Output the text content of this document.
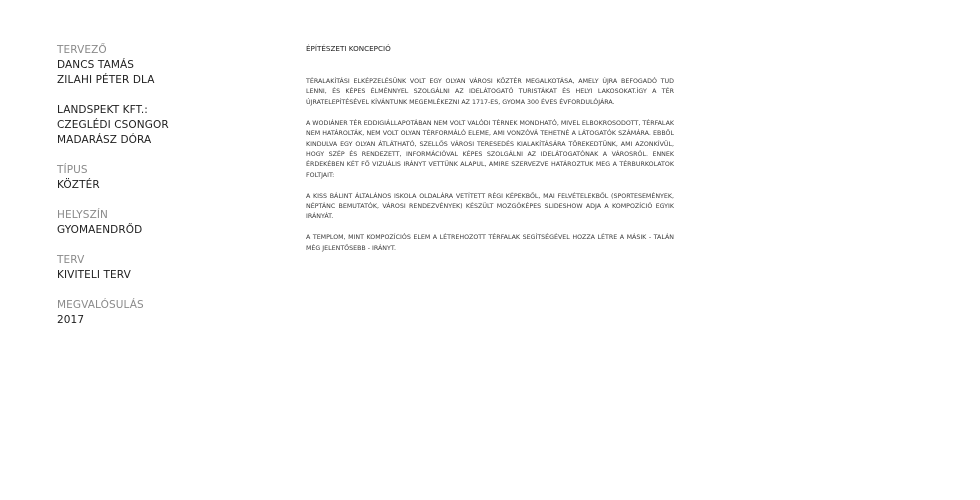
TERVEZŐ
DANCS TAMÁS
ZILAHI PÉTER DLA
LANDSPEKT KFT.:
CZEGLÉDI CSONGOR
MADARÁSZ DÓRA
TÍPUS
KÖZTÉR
HELYSZÍN
GYOMAENDRŐD
TERV
KIVITELI TERV
MEGVALÓSULÁS
2017
ÉPÍTÉSZETI KONCEPCIÓ

TÉRALAKÍTÁSI ELKÉPZELÉSÜNK VOLT EGY OLYAN VÁROSI KÖZTÉR MEGALKOTÁSA, AMELY ÚJRA BEFOGADÓ TUD LENNI, ÉS KÉPES ÉLMÉNNYEL SZOLGÁLNI AZ IDELÁTOGATÓ TURISTÁKAT ÉS HELYI LAKOSOKAT.ÍGY A TÉR ÚJRATELEPÍTÉSÉVEL KÍVÁNTUNK MEGEMLÉKEZNI AZ 1717-ES, GYOMA 300 ÉVES ÉVFORDULÓJÁRA.

A WODIÁNER TÉR EDDIGIÁLLAPOTÁBAN NEM VOLT VALÓDI TÉRNEK MONDHATÓ, MIVEL ELBOKROSODOTT, TÉRFALAK NEM HATÁROLTÁK, NEM VOLT OLYAN TÉRFORMÁLÓ ELEME, AMI VONZÓVÁ TEHETNÉ A LÁTOGATÓK SZÁMÁRA. EBBŐL KINDULVA EGY OLYAN ÁTLÁTHATÓ, SZELLŐS VÁROSI TERESEDÉS KIALAKÍTÁSÁRA TÖREKEDTÜNK, AMI AZONKÍVÜL, HOGY SZÉP ÉS RENDEZETT, INFORMÁCIÓVAL KÉPES SZOLGÁLNI AZ IDELÁTOGATÓNAK A VÁROSRÓL. ENNEK ÉRDEKÉBEN KÉT FŐ VIZUÁLIS IRÁNYT VETTÜNK ALAPUL, AMIRE SZERVEZVE HATÁROZTUK MEG A TÉRBURKOLATOK FOLTJAIT:

A KISS BÁLINT ÁLTALÁNOS ISKOLA OLDALÁRA VETÍTETT RÉGI KÉPEKBŐL, MAI FELVÉTELEKBŐL (SPORTESEMÉNYEK, NÉPTÁNC BEMUTATÓK, VÁROSI RENDEZVÉNYEK) KÉSZÜLT MOZGÓKÉPES SLIDESHOW ADJA A KOMPOZÍCIÓ EGYIK IRÁNYÁT.

A TEMPLOM, MINT KOMPOZÍCIÓS ELEM A LÉTREHOZOTT TÉRFALAK SEGÍTSÉGÉVEL HOZZA LÉTRE A MÁSIK - TALÁN MÉG JELENTŐSEBB - IRÁNYT.
